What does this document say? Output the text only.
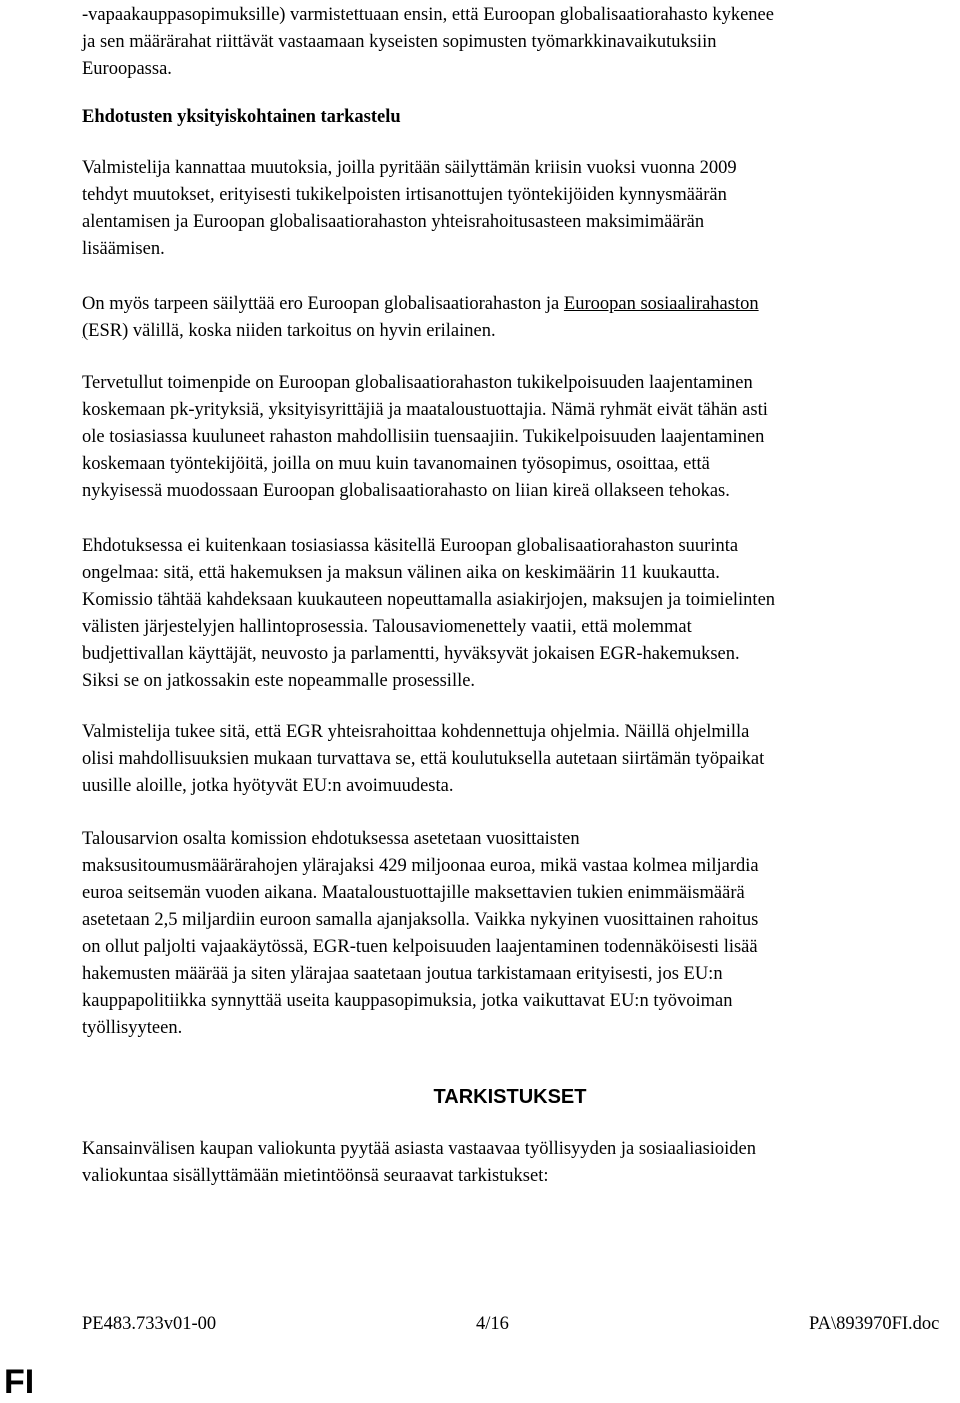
-vapaakauppasopimuksille) varmistettuaan ensin, että Euroopan globalisaatiorahasto kykenee
ja sen määrärahat riittävät vastaamaan kyseisten sopimusten työmarkkinavaikutuksiin
Euroopassa.
Ehdotusten yksityiskohtainen tarkastelu
Valmistelija kannattaa muutoksia, joilla pyritään säilyttämän kriisin vuoksi vuonna 2009
tehdyt muutokset, erityisesti tukikelpoisten irtisanottujen työntekijöiden kynnysmäärän
alentamisen ja Euroopan globalisaatiorahaston yhteisrahoitusasteen maksimimäärän
lisäämisen.
On myös tarpeen säilyttää ero Euroopan globalisaatiorahaston ja Euroopan sosiaalirahaston
(ESR) välillä, koska niiden tarkoitus on hyvin erilainen.
Tervetullut toimenpide on Euroopan globalisaatiorahaston tukikelpoisuuden laajentaminen
koskemaan pk-yrityksiä, yksityisyrittäjiä ja maataloustuottajia. Nämä ryhmät eivät tähän asti
ole tosiasiassa kuuluneet rahaston mahdollisiin tuensaajiin. Tukikelpoisuuden laajentaminen
koskemaan työntekijöitä, joilla on muu kuin tavanomainen työsopimus, osoittaa, että
nykyisessä muodossaan Euroopan globalisaatiorahasto on liian kireä ollakseen tehokas.
Ehdotuksessa ei kuitenkaan tosiasiassa käsitellä Euroopan globalisaatiorahaston suurinta
ongelmaa: sitä, että hakemuksen ja maksun välinen aika on keskimäärin 11 kuukautta.
Komissio tähtää kahdeksaan kuukauteen nopeuttamalla asiakirjojen, maksujen ja toimielinten
välisten järjestelyjen hallintoprosessia. Talousaviomenettely vaatii, että molemmat
budjettivallan käyttäjät, neuvosto ja parlamentti, hyväksyvät jokaisen EGR-hakemuksen.
Siksi se on jatkossakin este nopeammalle prosessille.
Valmistelija tukee sitä, että EGR yhteisrahoittaa kohdennettuja ohjelmia. Näillä ohjelmilla
olisi mahdollisuuksien mukaan turvattava se, että koulutuksella autetaan siirtämän työpaikat
uusille aloille, jotka hyötyvät EU:n avoimuudesta.
Talousarvion osalta komission ehdotuksessa asetetaan vuosittaisten
maksusitoumusmäärärahojen ylärajaksi 429 miljoonaa euroa, mikä vastaa kolmea miljardia
euroa seitsemän vuoden aikana. Maataloustuottajille maksettavien tukien enimmäismäärä
asetetaan 2,5 miljardiin euroon samalla ajanjaksolla. Vaikka nykyinen vuosittainen rahoitus
on ollut paljolti vajaakäytössä, EGR-tuen kelpoisuuden laajentaminen todennäköisesti lisää
hakemusten määrää ja siten ylärajaa saatetaan joutua tarkistamaan erityisesti, jos EU:n
kauppapolitiikka synnyttää useita kauppasopimuksia, jotka vaikuttavat EU:n työvoiman
työllisyyteen.
TARKISTUKSET
Kansainvälisen kaupan valiokunta pyytää asiasta vastaavaa työllisyyden ja sosiaaliasioiden
valiokuntaa sisällyttämään mietintöönsä seuraavat tarkistukset:
PE483.733v01-00	4/16	PA\893970FI.doc
FI
